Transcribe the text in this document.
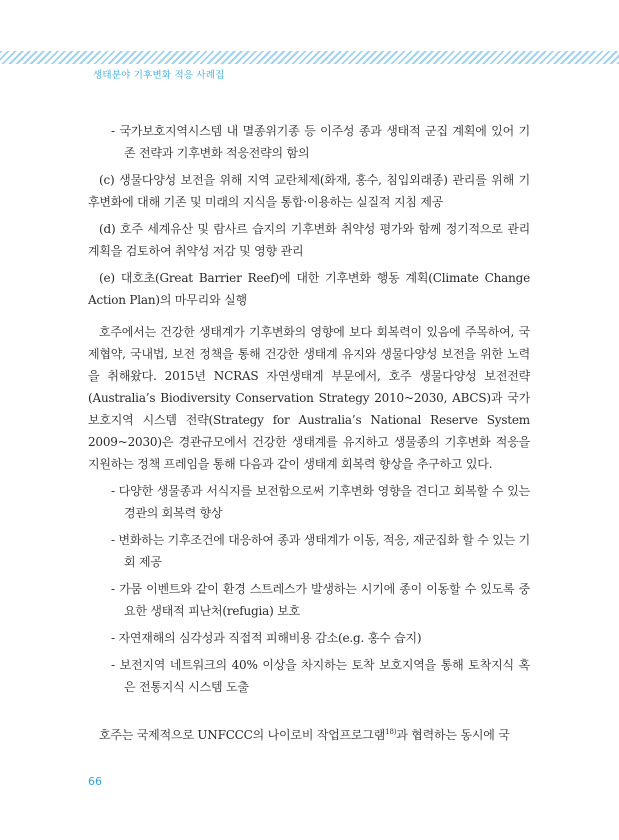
생태분야 기후변화 적응 사례집

- 국가보호지역시스템 내 멸종위기종 등 이주성 종과 생태적 군집 계획에 있어 기존 전략과 기후변화 적응전략의 함의

(c) 생물다양성 보전을 위해 지역 교란체제(화재, 홍수, 침입외래종) 관리를 위해 기후변화에 대해 기존 및 미래의 지식을 통합·이용하는 실질적 지침 제공

(d) 호주 세계유산 및 람사르 습지의 기후변화 취약성 평가와 함께 정기적으로 관리계획을 검토하여 취약성 저감 및 영향 관리

(e) 대호초(Great Barrier Reef)에 대한 기후변화 행동 계획(Climate Change Action Plan)의 마무리와 실행

호주에서는 건강한 생태계가 기후변화의 영향에 보다 회복력이 있음에 주목하여, 국제협약, 국내법, 보전 정책을 통해 건강한 생태계 유지와 생물다양성 보전을 위한 노력을 취해왔다. 2015년 NCRAS 자연생태계 부문에서, 호주 생물다양성 보전전략(Australia’s Biodiversity Conservation Strategy 2010~2030, ABCS)과 국가보호지역 시스템 전략(Strategy for Australia’s National Reserve System 2009~2030)은 경관규모에서 건강한 생태계를 유지하고 생물종의 기후변화 적응을 지원하는 정책 프레임을 통해 다음과 같이 생태계 회복력 향상을 추구하고 있다.

- 다양한 생물종과 서식지를 보전함으로써 기후변화 영향을 견디고 회복할 수 있는 경관의 회복력 향상

- 변화하는 기후조건에 대응하여 종과 생태계가 이동, 적응, 재군집화 할 수 있는 기회 제공

- 가뭄 이벤트와 같이 환경 스트레스가 발생하는 시기에 종이 이동할 수 있도록 중요한 생태적 피난처(refugia) 보호

- 자연재해의 심각성과 직접적 피해비용 감소(e.g. 홍수 습지)

- 보전지역 네트워크의 40% 이상을 차지하는 토착 보호지역을 통해 토착지식 혹은 전통지식 시스템 도출

호주는 국제적으로 UNFCCC의 나이로비 작업프로그램$^{18)}$과 협력하는 동시에 국

66
